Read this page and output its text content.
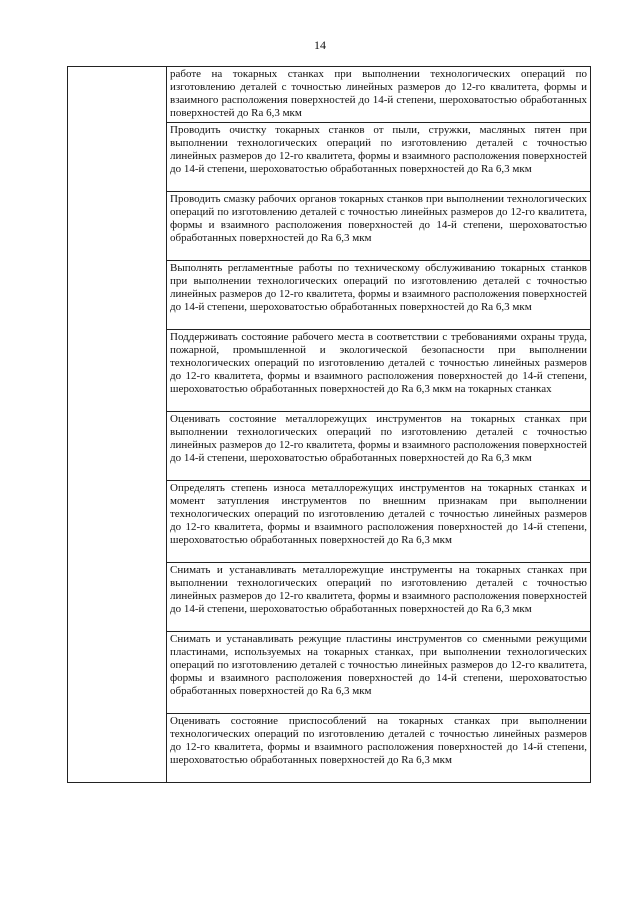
14
	работе на токарных станках при выполнении технологических операций по изготовлению деталей с точностью линейных размеров до 12-го квалитета, формы и взаимного расположения поверхностей до 14-й степени, шероховатостью обработанных поверхностей до Ra 6,3 мкм
	Проводить очистку токарных станков от пыли, стружки, масляных пятен при выполнении технологических операций по изготовлению деталей с точностью линейных размеров до 12-го квалитета, формы и взаимного расположения поверхностей до 14-й степени, шероховатостью обработанных поверхностей до Ra 6,3 мкм
	Проводить смазку рабочих органов токарных станков при выполнении технологических операций по изготовлению деталей с точностью линейных размеров до 12-го квалитета, формы и взаимного расположения поверхностей до 14-й степени, шероховатостью обработанных поверхностей до Ra 6,3 мкм
	Выполнять регламентные работы по техническому обслуживанию токарных станков при выполнении технологических операций по изготовлению деталей с точностью линейных размеров до 12-го квалитета, формы и взаимного расположения поверхностей до 14-й степени, шероховатостью обработанных поверхностей до Ra 6,3 мкм
	Поддерживать состояние рабочего места в соответствии с требованиями охраны труда, пожарной, промышленной и экологической безопасности при выполнении технологических операций по изготовлению деталей с точностью линейных размеров до 12-го квалитета, формы и взаимного расположения поверхностей до 14-й степени, шероховатостью обработанных поверхностей до Ra 6,3 мкм на токарных станках
	Оценивать состояние металлорежущих инструментов на токарных станках при выполнении технологических операций по изготовлению деталей с точностью линейных размеров до 12-го квалитета, формы и взаимного расположения поверхностей до 14-й степени, шероховатостью обработанных поверхностей до Ra 6,3 мкм
	Определять степень износа металлорежущих инструментов на токарных станках и момент затупления инструментов по внешним признакам при выполнении технологических операций по изготовлению деталей с точностью линейных размеров до 12-го квалитета, формы и взаимного расположения поверхностей до 14-й степени, шероховатостью обработанных поверхностей до Ra 6,3 мкм
	Снимать и устанавливать металлорежущие инструменты на токарных станках при выполнении технологических операций по изготовлению деталей с точностью линейных размеров до 12-го квалитета, формы и взаимного расположения поверхностей до 14-й степени, шероховатостью обработанных поверхностей до Ra 6,3 мкм
	Снимать и устанавливать режущие пластины инструментов со сменными режущими пластинами, используемых на токарных станках, при выполнении технологических операций по изготовлению деталей с точностью линейных размеров до 12-го квалитета, формы и взаимного расположения поверхностей до 14-й степени, шероховатостью обработанных поверхностей до Ra 6,3 мкм
	Оценивать состояние приспособлений на токарных станках при выполнении технологических операций по изготовлению деталей с точностью линейных размеров до 12-го квалитета, формы и взаимного расположения поверхностей до 14-й степени, шероховатостью обработанных поверхностей до Ra 6,3 мкм
